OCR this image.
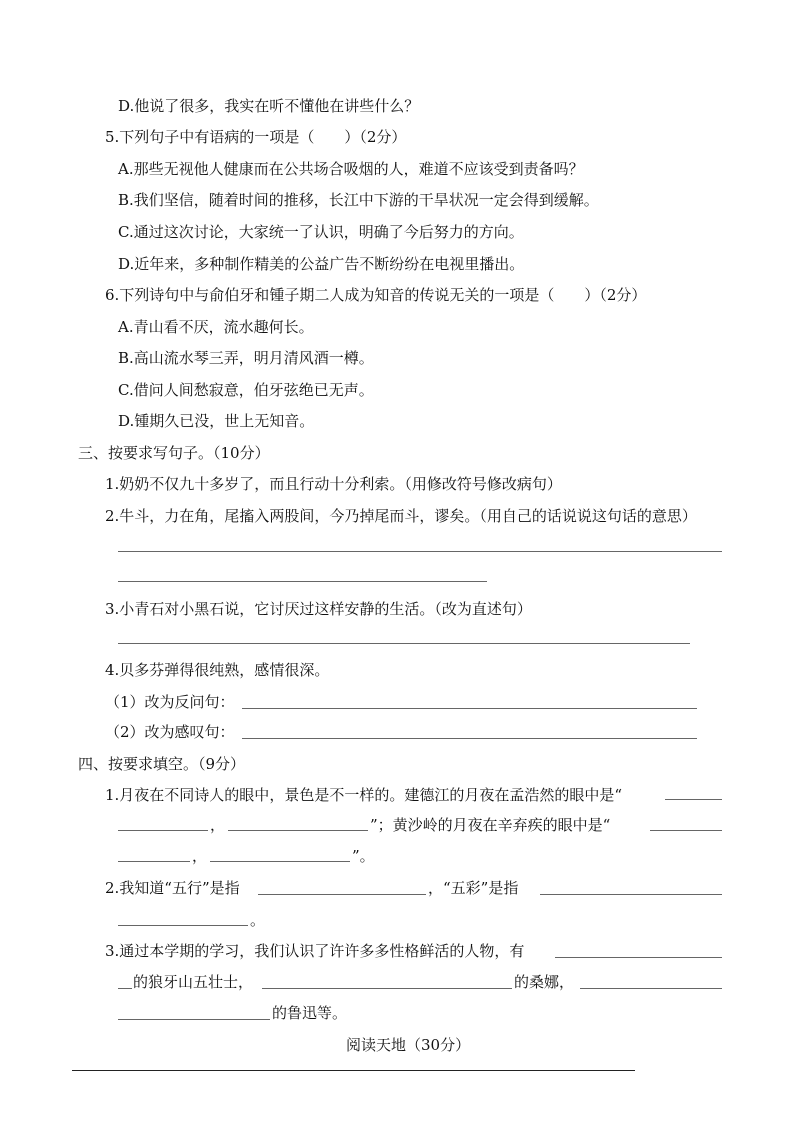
D.他说了很多，我实在听不懂他在讲些什么？
5.下列句子中有语病的一项是（　　）（2分）
A.那些无视他人健康而在公共场合吸烟的人，难道不应该受到责备吗？
B.我们坚信，随着时间的推移，长江中下游的干旱状况一定会得到缓解。
C.通过这次讨论，大家统一了认识，明确了今后努力的方向。
D.近年来，多种制作精美的公益广告不断纷纷在电视里播出。
6.下列诗句中与俞伯牙和锺子期二人成为知音的传说无关的一项是（　　）（2分）
A.青山看不厌，流水趣何长。
B.高山流水琴三弄，明月清风酒一樽。
C.借问人间愁寂意，伯牙弦绝已无声。
D.锺期久已没，世上无知音。
三、按要求写句子。（10分）
1.奶奶不仅九十多岁了，而且行动十分利索。（用修改符号修改病句）
2.牛斗，力在角，尾搐入两股间，今乃掉尾而斗，谬矣。（用自己的话说说这句话的意思）
3.小青石对小黑石说，它讨厌过这样安静的生活。（改为直述句）
4.贝多芬弹得很纯熟，感情很深。
（1）改为反问句：
（2）改为感叹句：
四、按要求填空。（9分）
1.月夜在不同诗人的眼中，景色是不一样的。建德江的月夜在孟浩然的眼中是“
，	”；黄沙岭的月夜在辛弃疾的眼中是“
，	”。
2.我知道“五行”是指	，“五彩”是指
。
3.通过本学期的学习，我们认识了许许多多性格鲜活的人物，有
的狼牙山五壮士，	的桑娜，
的鲁迅等。
阅读天地（30分）
